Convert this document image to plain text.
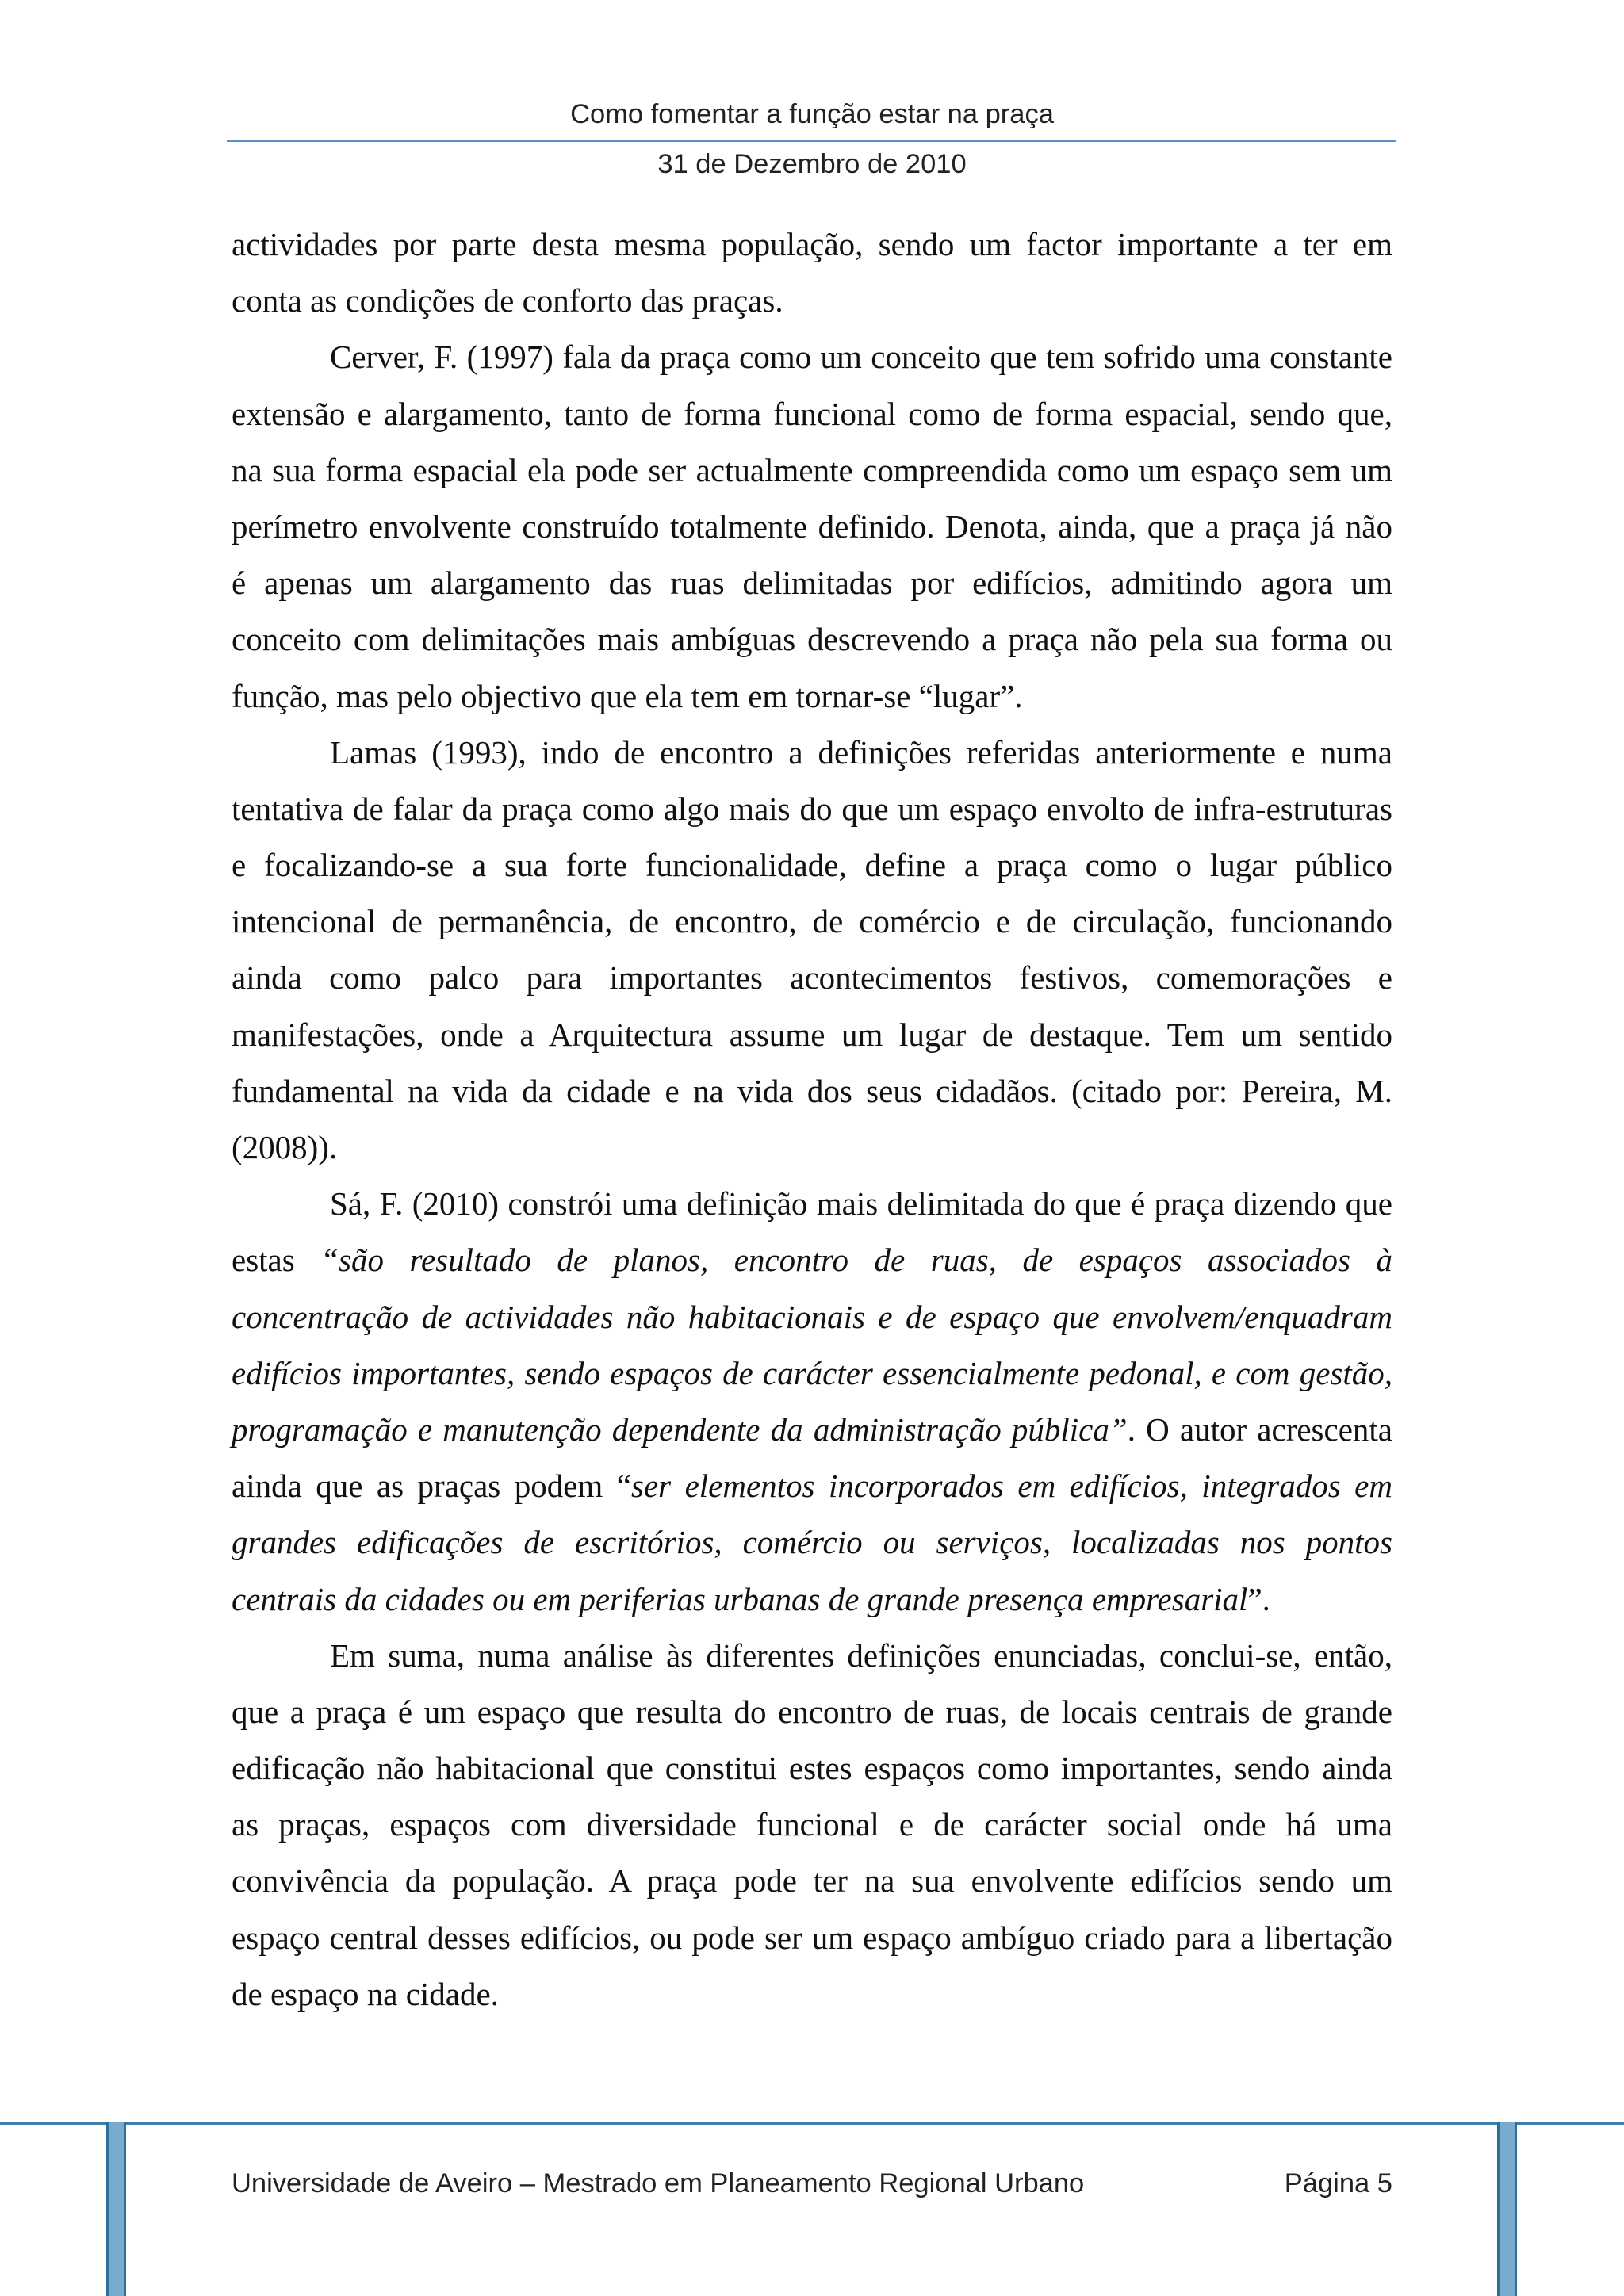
Como fomentar a função estar na praça
31 de Dezembro de 2010
actividades por parte desta mesma população, sendo um factor importante a ter em
conta as condições de conforto das praças.
Cerver, F. (1997) fala da praça como um conceito que tem sofrido uma constante
extensão e alargamento, tanto de forma funcional como de forma espacial, sendo que,
na sua forma espacial ela pode ser actualmente compreendida como um espaço sem um
perímetro envolvente construído totalmente definido. Denota, ainda, que a praça já não
é apenas um alargamento das ruas delimitadas por edifícios, admitindo agora um
conceito com delimitações mais ambíguas descrevendo a praça não pela sua forma ou
função, mas pelo objectivo que ela tem em tornar-se “lugar”.
Lamas (1993), indo de encontro a definições referidas anteriormente e numa
tentativa de falar da praça como algo mais do que um espaço envolto de infra-estruturas
e focalizando-se a sua forte funcionalidade, define a praça como o lugar público
intencional de permanência, de encontro, de comércio e de circulação, funcionando
ainda como palco para importantes acontecimentos festivos, comemorações e
manifestações, onde a Arquitectura assume um lugar de destaque. Tem um sentido
fundamental na vida da cidade e na vida dos seus cidadãos. (citado por: Pereira, M.
(2008)).
Sá, F. (2010) constrói uma definição mais delimitada do que é praça dizendo que
estas “são resultado de planos, encontro de ruas, de espaços associados à
concentração de actividades não habitacionais e de espaço que envolvem/enquadram
edifícios importantes, sendo espaços de carácter essencialmente pedonal, e com gestão,
programação e manutenção dependente da administração pública”. O autor acrescenta
ainda que as praças podem “ser elementos incorporados em edifícios, integrados em
grandes edificações de escritórios, comércio ou serviços, localizadas nos pontos
centrais da cidades ou em periferias urbanas de grande presença empresarial”.
Em suma, numa análise às diferentes definições enunciadas, conclui-se, então,
que a praça é um espaço que resulta do encontro de ruas, de locais centrais de grande
edificação não habitacional que constitui estes espaços como importantes, sendo ainda
as praças, espaços com diversidade funcional e de carácter social onde há uma
convivência da população. A praça pode ter na sua envolvente edifícios sendo um
espaço central desses edifícios, ou pode ser um espaço ambíguo criado para a libertação
de espaço na cidade.
Universidade de Aveiro – Mestrado em Planeamento Regional Urbano	Página 5
